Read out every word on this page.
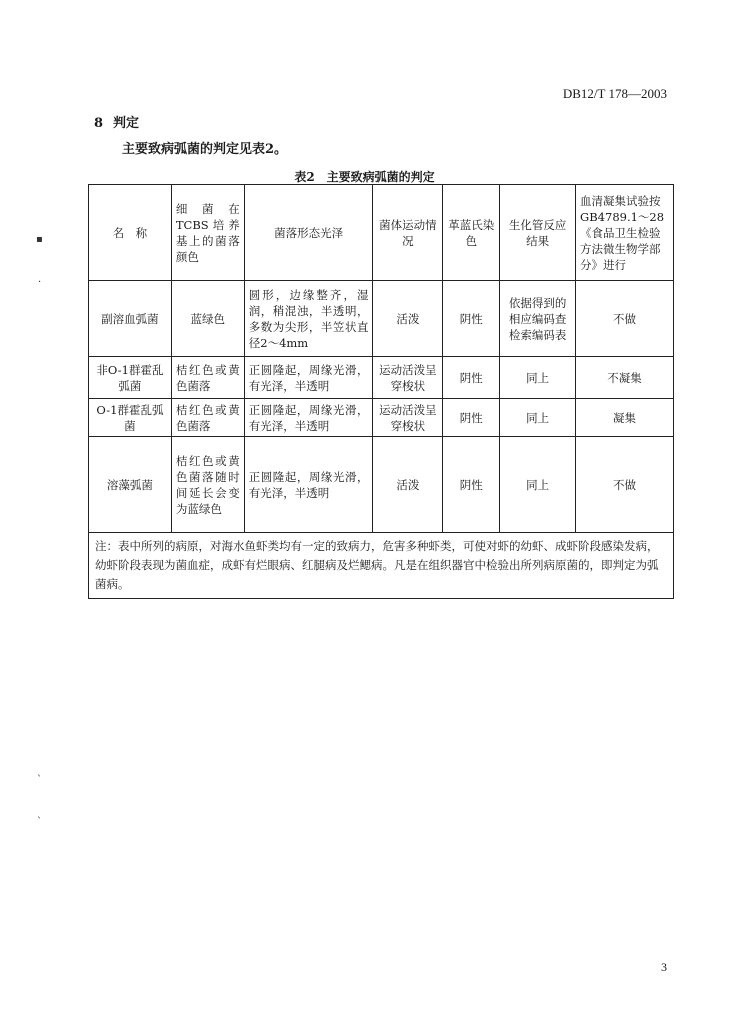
DB12/T 178—2003
8 判定
主要致病弧菌的判定见表2。
表2　主要致病弧菌的判定
名　称	细菌在TCBS培养基上的菌落颜色	菌落形态光泽	菌体运动情况	革蓝氏染色	生化管反应结果	血清凝集试验按GB4789.1～28《食品卫生检验方法微生物学部分》进行
副溶血弧菌	蓝绿色	圆形，边缘整齐，湿润，稍混浊，半透明，多数为尖形，半笠状直径2～4mm	活泼	阴性	依据得到的相应编码查检索编码表	不做
非O-1群霍乱弧菌	桔红色或黄色菌落	正圆隆起，周缘光滑，有光泽，半透明	运动活泼呈穿梭状	阴性	同上	不凝集
O-1群霍乱弧菌	桔红色或黄色菌落	正圆隆起，周缘光滑，有光泽，半透明	运动活泼呈穿梭状	阴性	同上	凝集
溶藻弧菌	桔红色或黄色菌落随时间延长会变为蓝绿色	正圆隆起，周缘光滑，有光泽，半透明	活泼	阴性	同上	不做
注：表中所列的病原，对海水鱼虾类均有一定的致病力，危害多种虾类，可使对虾的幼虾、成虾阶段感染发病，幼虾阶段表现为菌血症，成虾有烂眼病、红腿病及烂鳃病。凡是在组织器官中检验出所列病原菌的，即判定为弧菌病。						
▪
·
ˋ
ˋ
3
